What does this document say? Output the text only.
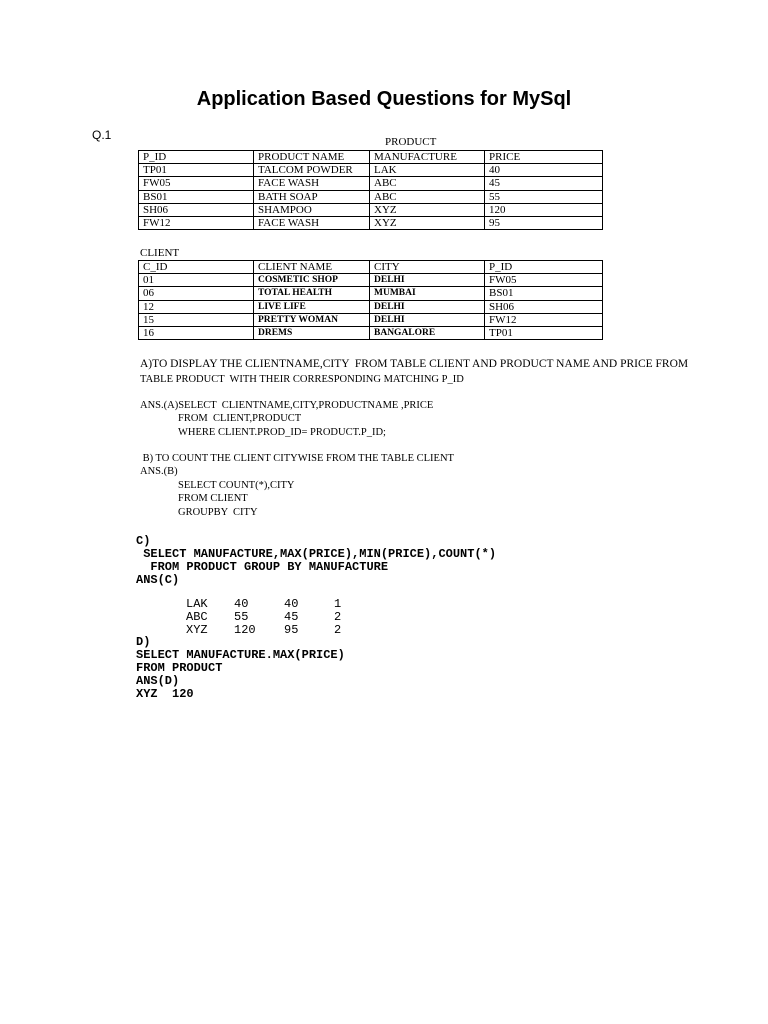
Application Based Questions for MySql
Q.1	PRODUCT
P_ID	PRODUCT NAME	MANUFACTURE	PRICE
TP01	TALCOM POWDER	LAK	40
FW05	FACE WASH	ABC	45
BS01	BATH SOAP	ABC	55
SH06	SHAMPOO	XYZ	120
FW12	FACE WASH	XYZ	95
CLIENT
C_ID	CLIENT NAME	CITY	P_ID
01	COSMETIC SHOP	DELHI	FW05
06	TOTAL HEALTH	MUMBAI	BS01
12	LIVE LIFE	DELHI	SH06
15	PRETTY WOMAN	DELHI	FW12
16	DREMS	BANGALORE	TP01
A)TO DISPLAY THE CLIENTNAME,CITY  FROM TABLE CLIENT AND PRODUCT NAME AND PRICE FROM
TABLE PRODUCT  WITH THEIR CORRESPONDING MATCHING P_ID
ANS.(A)SELECT  CLIENTNAME,CITY,PRODUCTNAME ,PRICE
FROM  CLIENT,PRODUCT
WHERE CLIENT.PROD_ID= PRODUCT.P_ID;
B) TO COUNT THE CLIENT CITYWISE FROM THE TABLE CLIENT
ANS.(B)
SELECT COUNT(*),CITY
FROM CLIENT
GROUPBY  CITY
C)
SELECT MANUFACTURE,MAX(PRICE),MIN(PRICE),COUNT(*)
FROM PRODUCT GROUP BY MANUFACTURE
ANS(C)
LAK 40	40	1
ABC 55	45	2
XYZ 120 95	2
D)
SELECT MANUFACTURE.MAX(PRICE)
FROM PRODUCT
ANS(D)
XYZ  120
